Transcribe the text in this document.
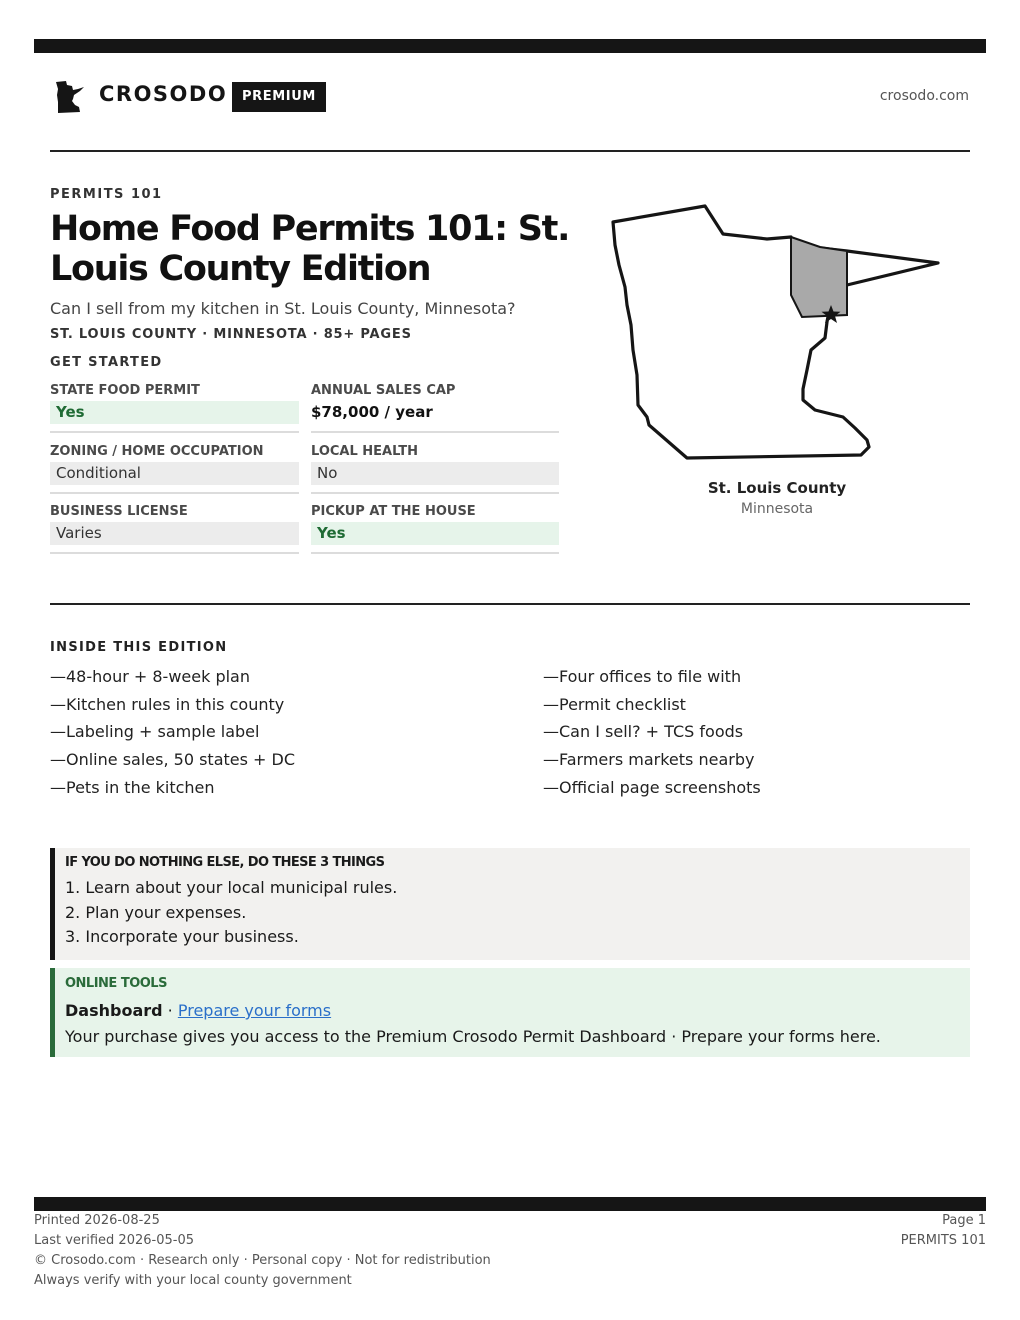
CROSODO	PREMIUM	crosodo.com
PERMITS 101
Home Food Permits 101: St. Louis County Edition
Can I sell from my kitchen in St. Louis County, Minnesota?
ST. LOUIS COUNTY · MINNESOTA · 85+ PAGES
GET STARTED
STATE FOOD PERMIT
Yes
ANNUAL SALES CAP
$78,000 / year
ZONING / HOME OCCUPATION
Conditional
LOCAL HEALTH
No
BUSINESS LICENSE
Varies
PICKUP AT THE HOUSE
Yes
St. Louis County
Minnesota
INSIDE THIS EDITION
—48-hour + 8-week plan
—Kitchen rules in this county
—Labeling + sample label
—Online sales, 50 states + DC
—Pets in the kitchen
—Four offices to file with
—Permit checklist
—Can I sell? + TCS foods
—Farmers markets nearby
—Official page screenshots
IF YOU DO NOTHING ELSE, DO THESE 3 THINGS
1. Learn about your local municipal rules.
2. Plan your expenses.
3. Incorporate your business.
ONLINE TOOLS
Dashboard · Prepare your forms
Your purchase gives you access to the Premium Crosodo Permit Dashboard · Prepare your forms here.
Printed 2026-08-25
Last verified 2026-05-05
© Crosodo.com · Research only · Personal copy · Not for redistribution
Always verify with your local county government
Page 1
PERMITS 101
